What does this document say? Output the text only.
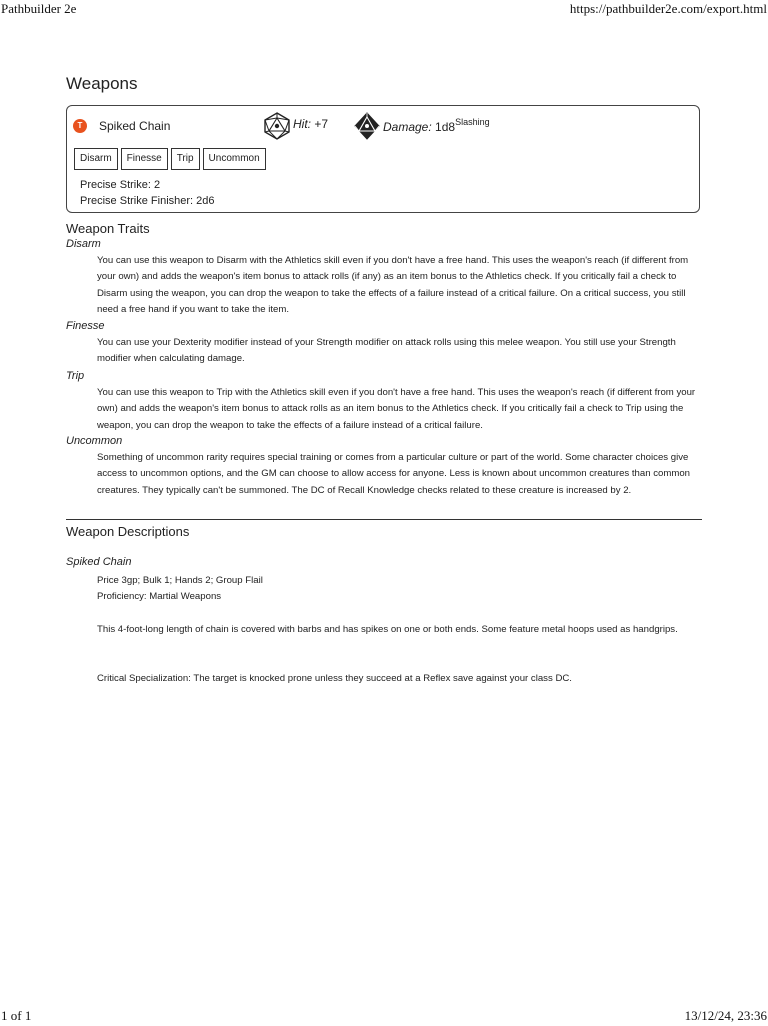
Pathbuilder 2e	https://pathbuilder2e.com/export.html
Weapons
T	Spiked Chain	Hit: +7	Damage: $1d8^{Slashing}$
Disarm	Finesse	Trip	Uncommon
Precise Strike: 2
Precise Strike Finisher: 2d6
Weapon Traits
Disarm
You can use this weapon to Disarm with the Athletics skill even if you don't have a free hand. This uses the weapon's reach (if different from your own) and adds the weapon's item bonus to attack rolls (if any) as an item bonus to the Athletics check. If you critically fail a check to Disarm using the weapon, you can drop the weapon to take the effects of a failure instead of a critical failure. On a critical success, you still need a free hand if you want to take the item.
Finesse
You can use your Dexterity modifier instead of your Strength modifier on attack rolls using this melee weapon. You still use your Strength modifier when calculating damage.
Trip
You can use this weapon to Trip with the Athletics skill even if you don't have a free hand. This uses the weapon's reach (if different from your own) and adds the weapon's item bonus to attack rolls as an item bonus to the Athletics check. If you critically fail a check to Trip using the weapon, you can drop the weapon to take the effects of a failure instead of a critical failure.
Uncommon
Something of uncommon rarity requires special training or comes from a particular culture or part of the world. Some character choices give access to uncommon options, and the GM can choose to allow access for anyone. Less is known about uncommon creatures than common creatures. They typically can't be summoned. The DC of Recall Knowledge checks related to these creature is increased by 2.
Weapon Descriptions
Spiked Chain
Price 3gp; Bulk 1; Hands 2; Group Flail
Proficiency: Martial Weapons
This 4-foot-long length of chain is covered with barbs and has spikes on one or both ends. Some feature metal hoops used as handgrips.
Critical Specialization: The target is knocked prone unless they succeed at a Reflex save against your class DC.
1 of 1	13/12/24, 23:36
